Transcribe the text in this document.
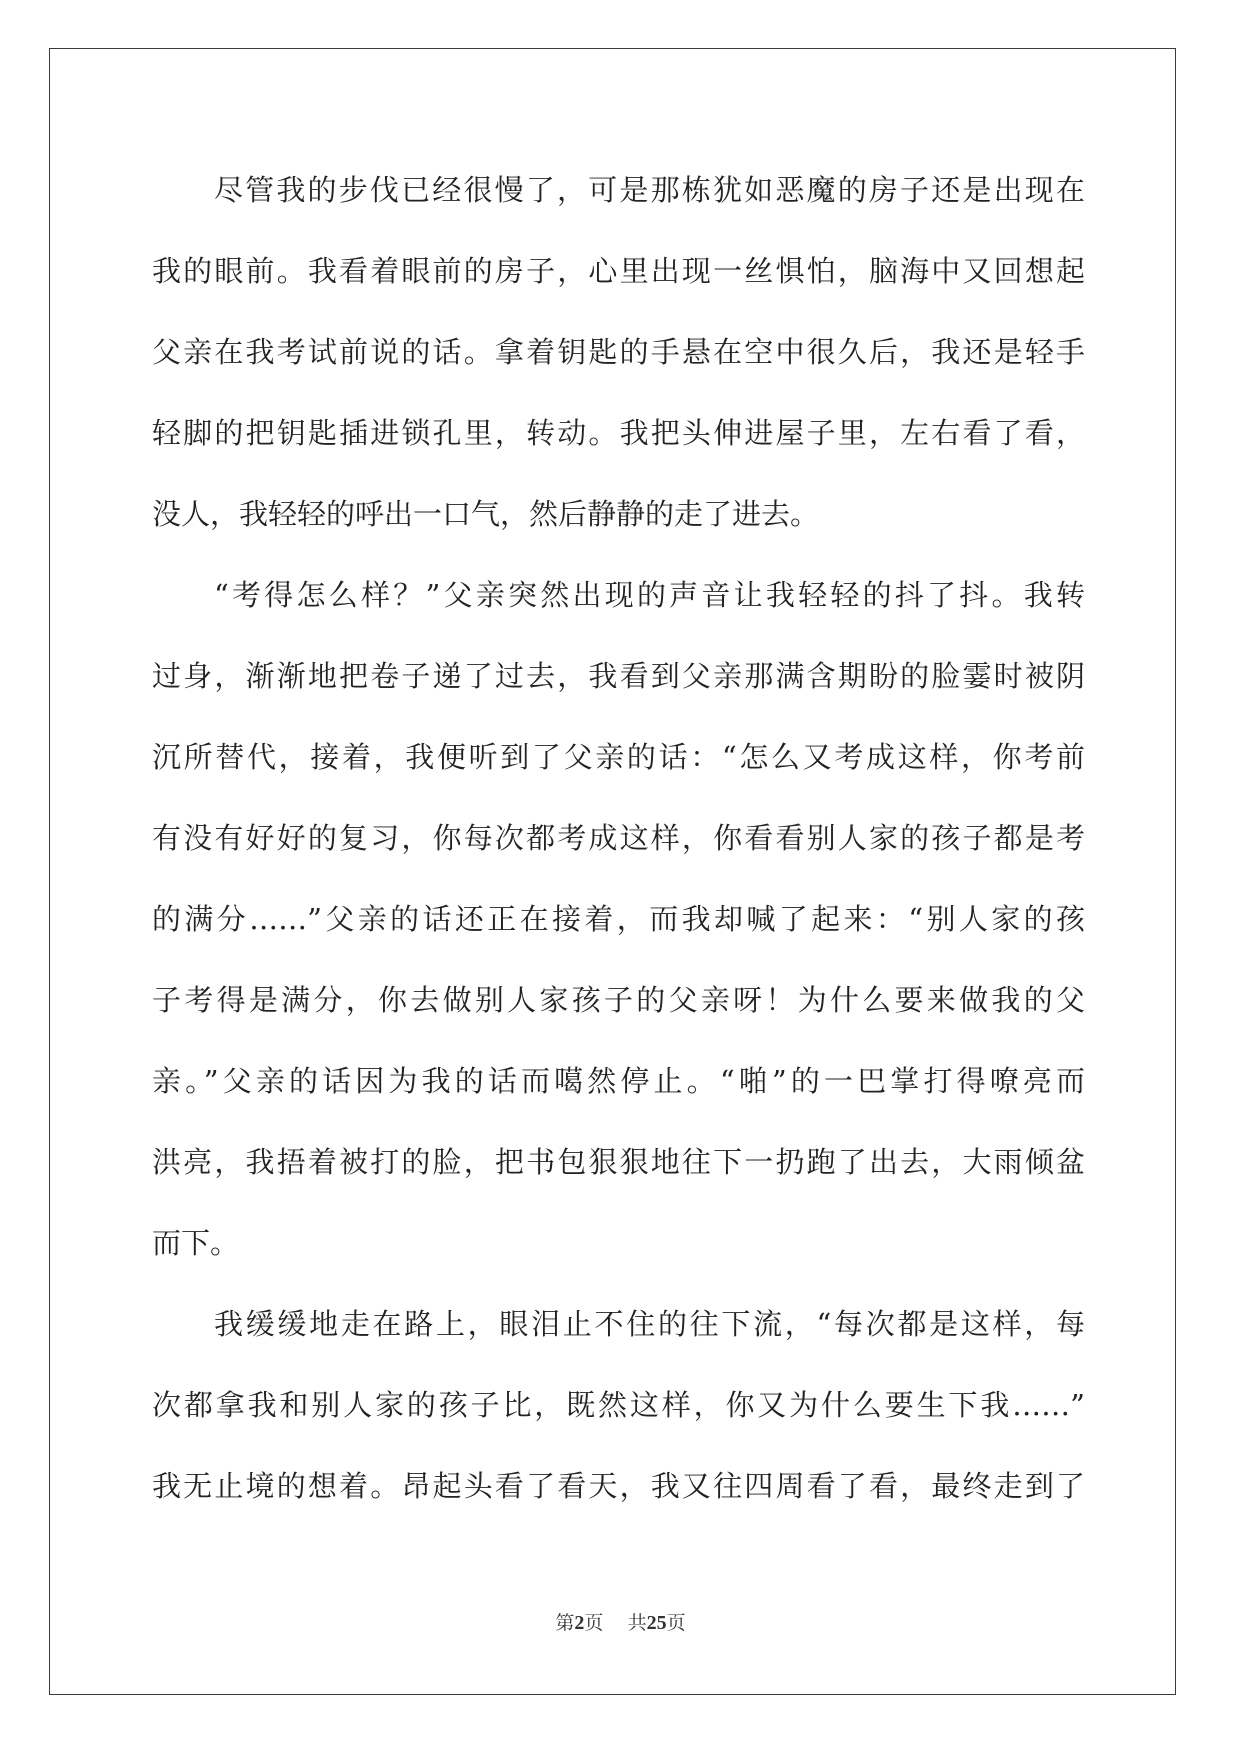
尽管我的步伐已经很慢了，可是那栋犹如恶魔的房子还是出现在
我的眼前。我看着眼前的房子，心里出现一丝惧怕，脑海中又回想起
父亲在我考试前说的话。拿着钥匙的手悬在空中很久后，我还是轻手
轻脚的把钥匙插进锁孔里，转动。我把头伸进屋子里，左右看了看，
没人，我轻轻的呼出一口气，然后静静的走了进去。
“考得怎么样？”父亲突然出现的声音让我轻轻的抖了抖。我转
过身，渐渐地把卷子递了过去，我看到父亲那满含期盼的脸霎时被阴
沉所替代，接着，我便听到了父亲的话：“怎么又考成这样，你考前
有没有好好的复习，你每次都考成这样，你看看别人家的孩子都是考
的满分……”父亲的话还正在接着，而我却喊了起来：“别人家的孩
子考得是满分，你去做别人家孩子的父亲呀！为什么要来做我的父
亲。”父亲的话因为我的话而噶然停止。“啪”的一巴掌打得嘹亮而
洪亮，我捂着被打的脸，把书包狠狠地往下一扔跑了出去，大雨倾盆
而下。
我缓缓地走在路上，眼泪止不住的往下流，“每次都是这样，每
次都拿我和别人家的孩子比，既然这样，你又为什么要生下我……”
我无止境的想着。昂起头看了看天，我又往四周看了看，最终走到了
第2页 共25页
